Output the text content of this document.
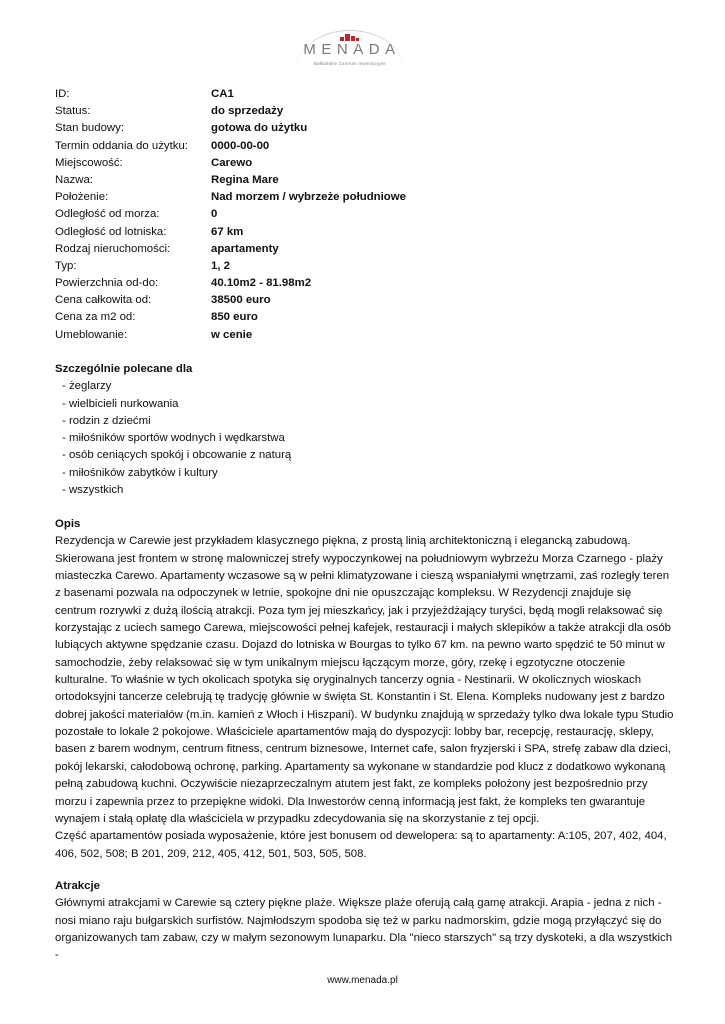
MENADA
Bałkańskie Centrum Inwestycyjne
ID:	CA1
Status:	do sprzedaży
Stan budowy:	gotowa do użytku
Termin oddania do użytku: 0000-00-00
Miejscowość:	Carewo
Nazwa:	Regina Mare
Położenie:	Nad morzem / wybrzeże południowe
Odległość od morza:	0
Odległość od lotniska:	67 km
Rodzaj nieruchomości:	apartamenty
Typ:	1, 2
Powierzchnia od-do:	40.10m2 - 81.98m2
Cena całkowita od:	38500 euro
Cena za m2 od:	850 euro
Umeblowanie:	w cenie
Szczególnie polecane dla
- żeglarzy
- wielbicieli nurkowania
- rodzin z dziećmi
- miłośników sportów wodnych i wędkarstwa
- osób ceniących spokój i obcowanie z naturą
- miłośników zabytków i kultury
- wszystkich
Opis

Rezydencja w Carewie jest przykładem klasycznego piękna, z prostą linią architektoniczną i elegancką zabudową. Skierowana jest frontem w stronę malowniczej strefy wypoczynkowej na południowym wybrzeżu Morza Czarnego - plaży miasteczka Carewo. Apartamenty wczasowe są w pełni klimatyzowane i cieszą wspaniałymi wnętrzami, zaś rozległy teren z basenami pozwala na odpoczynek w letnie, spokojne dni nie opuszczając kompleksu. W Rezydencji znajduje się centrum rozrywki z dużą ilością atrakcji. Poza tym jej mieszkańcy, jak i przyjeżdżający turyści, będą mogli relaksować się korzystając z uciech samego Carewa, miejscowości pełnej kafejek, restauracji i małych sklepików a także atrakcji dla osób lubiących aktywne spędzanie czasu. Dojazd do lotniska w Bourgas to tylko 67 km. na pewno warto spędzić te 50 minut w samochodzie, żeby relaksować się w tym unikalnym miejscu łączącym morze, góry, rzekę i egzotyczne otoczenie kulturalne. To właśnie w tych okolicach spotyka się oryginalnych tancerzy ognia - Nestinarii. W okolicznych wioskach ortodoksyjni tancerze celebrują tę tradycję głównie w święta St. Konstantin i St. Elena. Kompleks nudowany jest z bardzo dobrej jakości materiałów (m.in. kamień z Włoch i Hiszpani). W budynku znajdują w sprzedaży tylko dwa lokale typu Studio pozostałe to lokale 2 pokojowe. Właściciele apartamentów mają do dyspozycji: lobby bar, recepcję, restaurację, sklepy, basen z barem wodnym, centrum fitness, centrum biznesowe, Internet cafe, salon fryzjerski i SPA, strefę zabaw dla dzieci, pokój lekarski, całodobową ochronę, parking. Apartamenty sa wykonane w standardzie pod klucz z dodatkowo wykonaną pełną zabudową kuchni. Oczywiście niezaprzeczalnym atutem jest fakt, ze kompleks położony jest bezpośrednio przy morzu i zapewnia przez to przepiękne widoki. Dla Inwestorów cenną informacją jest fakt, że kompleks ten gwarantuje wynajem i stałą opłatę dla właściciela w przypadku zdecydowania się na skorzystanie z tej opcji.

Część apartamentów posiada wyposażenie, które jest bonusem od dewelopera: są to apartamenty: A:105, 207, 402, 404, 406, 502, 508; B 201, 209, 212, 405, 412, 501, 503, 505, 508.

Atrakcje

Głównymi atrakcjami w Carewie są cztery piękne plaże. Większe plaże oferują całą gamę atrakcji. Arapia - jedna z nich - nosi miano raju bułgarskich surfistów. Najmłodszym spodoba się też w parku nadmorskim, gdzie mogą przyłączyć się do organizowanych tam zabaw, czy w małym sezonowym lunaparku. Dla "nieco starszych" są trzy dyskoteki, a dla wszystkich -

www.menada.pl
